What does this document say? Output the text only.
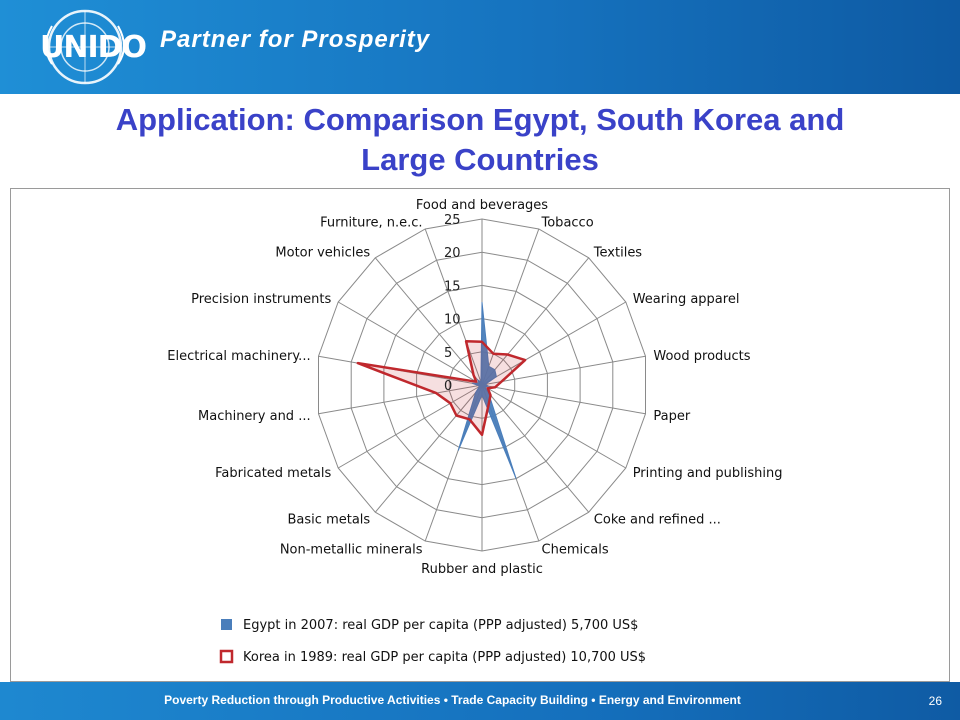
UNIDO Partner for Prosperity
Application: Comparison Egypt, South Korea and
Large Countries
0
5
10
15
20
25
Food and beverages
Tobacco
Textiles
Wearing apparel
Wood products
Paper
Printing and publishing
Coke and refined ...
Chemicals
Rubber and plastic
Non-metallic minerals
Basic metals
Fabricated metals
Machinery and ...
Electrical machinery...
Precision instruments
Motor vehicles
Furniture, n.e.c.
Egypt in 2007: real GDP per capita (PPP adjusted) 5,700 US$
Korea in 1989: real GDP per capita (PPP adjusted) 10,700 US$
Poverty Reduction through Productive Activities • Trade Capacity Building • Energy and Environment	26
